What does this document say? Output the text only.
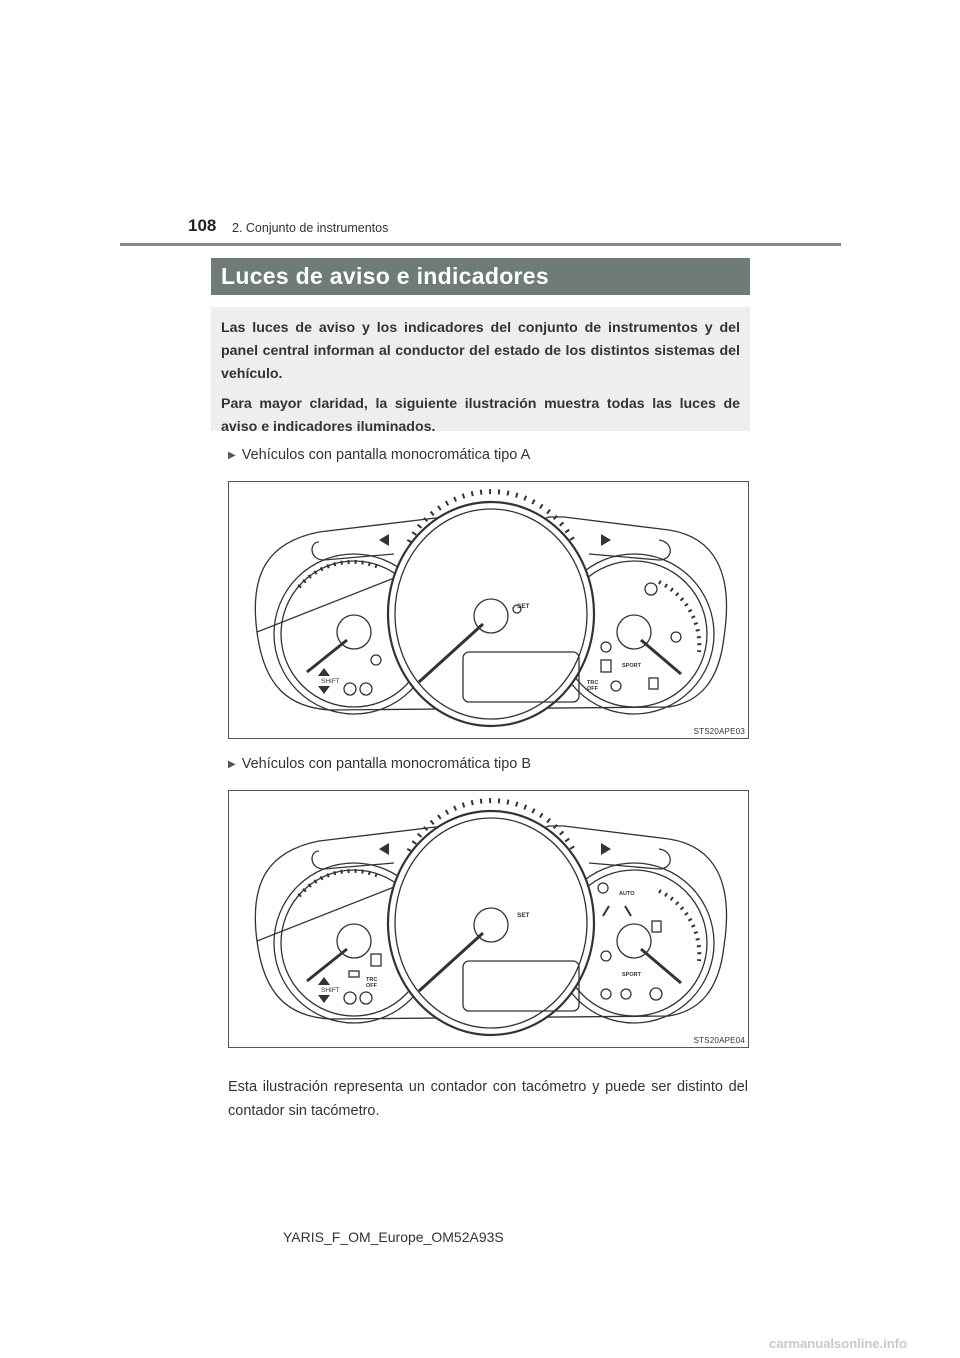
108 2. Conjunto de instrumentos
Luces de aviso e indicadores

Las luces de aviso y los indicadores del conjunto de instrumentos y del panel central informan al conductor del estado de los distintos sistemas del vehículo.

Para mayor claridad, la siguiente ilustración muestra todas las luces de aviso e indicadores iluminados.

▶ Vehículos con pantalla monocromática tipo A
SHIFT
SET
SPORT
TRC
OFF
STS20APE03
▶ Vehículos con pantalla monocromática tipo B
SHIFT
SET
SPORT
TRC
OFF
AUTO
STS20APE04
Esta ilustración representa un contador con tacómetro y puede ser distinto del contador sin tacómetro.
YARIS_F_OM_Europe_OM52A93S
carmanualsonline.info
